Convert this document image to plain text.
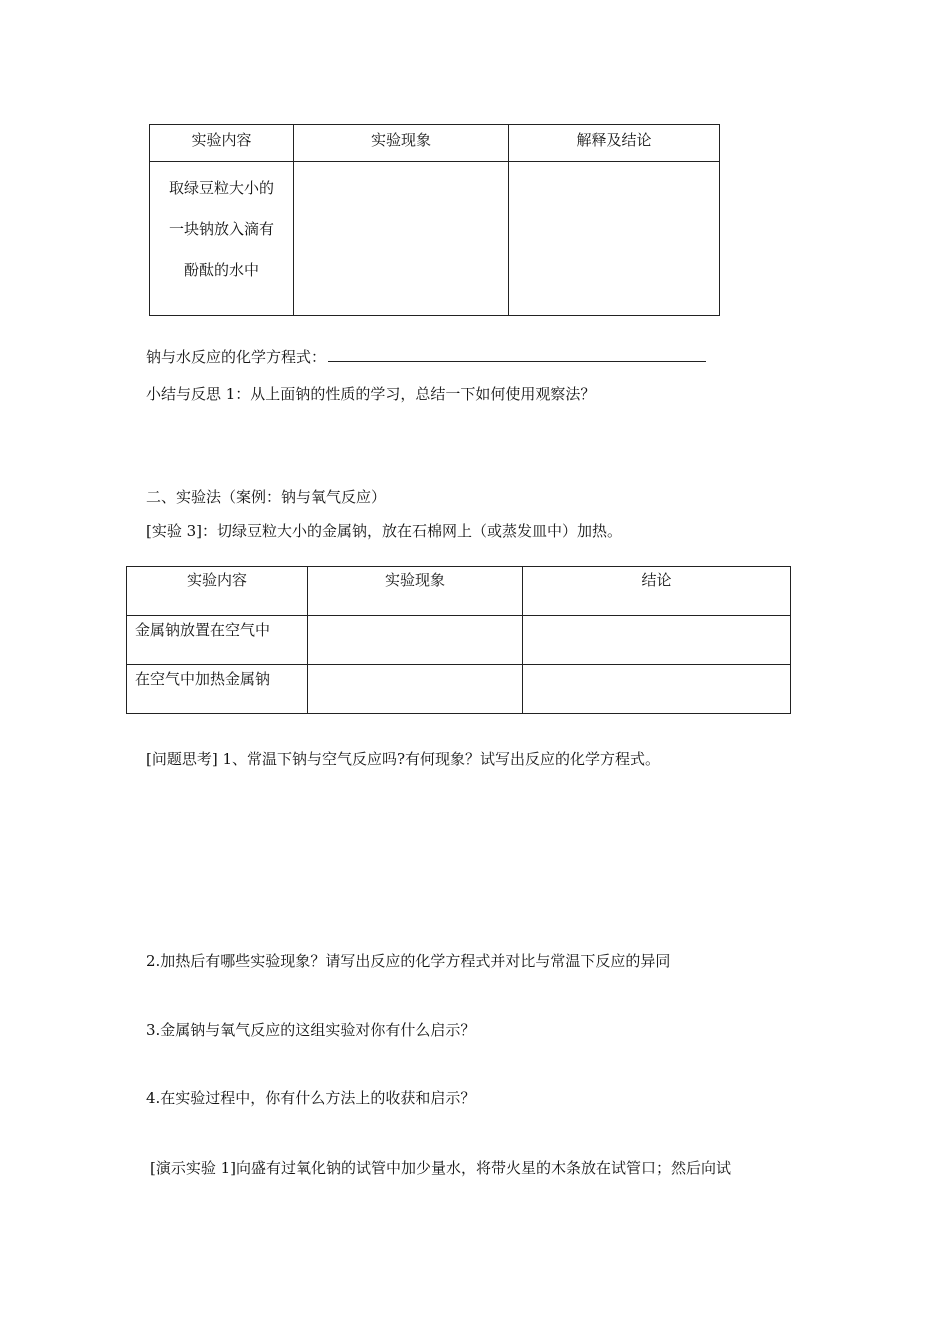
实验内容	实验现象	解释及结论

取绿豆粒大小的
一块钠放入滴有
酚酞的水中		

钠与水反应的化学方程式：
小结与反思 1：从上面钠的性质的学习，总结一下如何使用观察法？
二、实验法（案例：钠与氧气反应）
[实验 3]：切绿豆粒大小的金属钠，放在石棉网上（或蒸发皿中）加热。
实验内容	实验现象	结论
金属钠放置在空气中		
在空气中加热金属钠		
[问题思考] 1、常温下钠与空气反应吗?有何现象？试写出反应的化学方程式。
2.加热后有哪些实验现象？请写出反应的化学方程式并对比与常温下反应的异同
3.金属钠与氧气反应的这组实验对你有什么启示？
4.在实验过程中，你有什么方法上的收获和启示？
[演示实验 1]向盛有过氧化钠的试管中加少量水，将带火星的木条放在试管口；然后向试
